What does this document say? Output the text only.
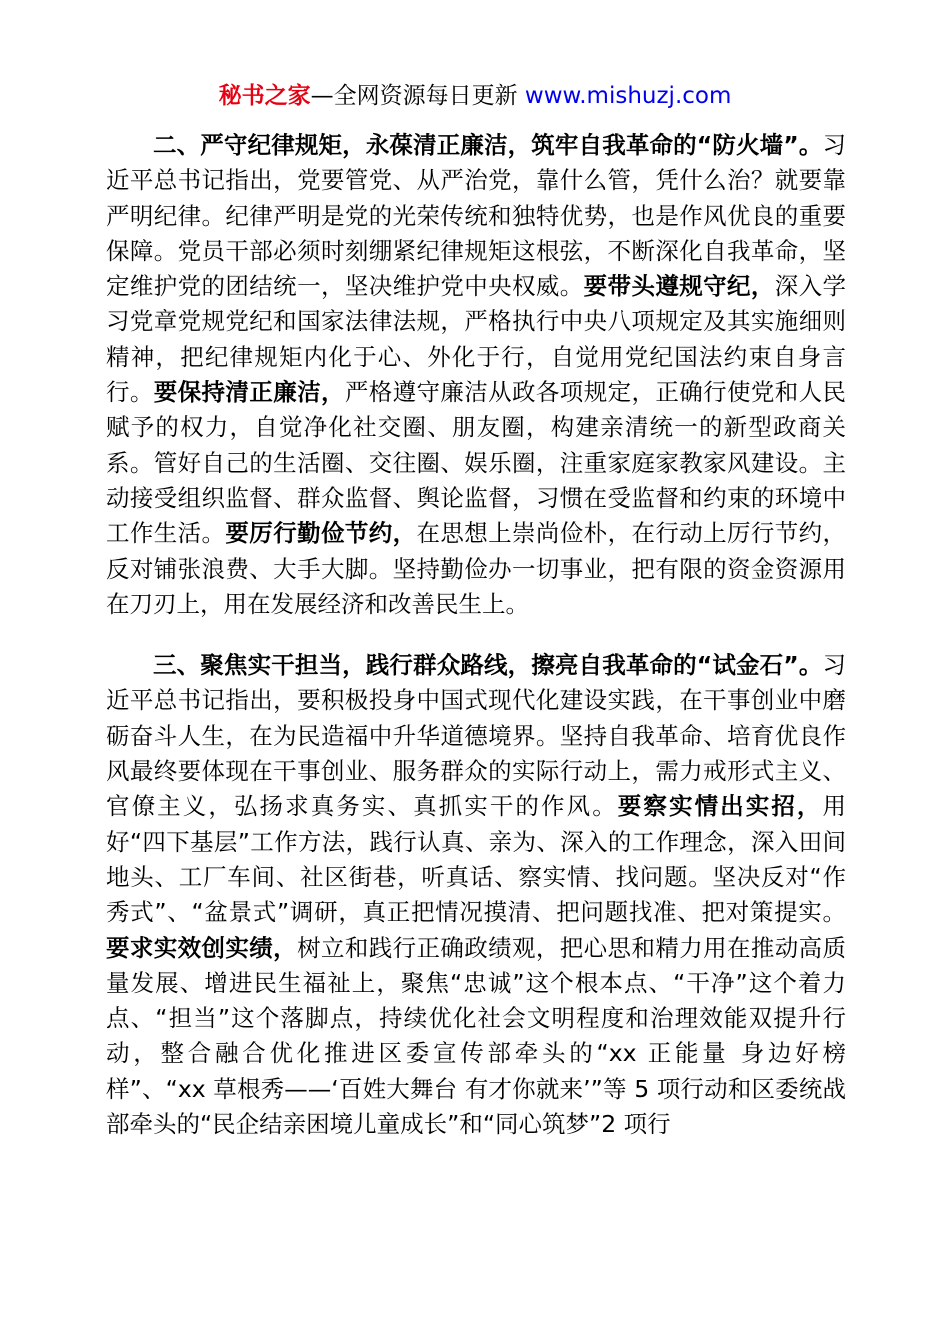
秘书之家—全网资源每日更新 www.mishuzj.com

二、严守纪律规矩，永葆清正廉洁，筑牢自我革命的“防火墙”。习近平总书记指出，党要管党、从严治党，靠什么管，凭什么治？就要靠严明纪律。纪律严明是党的光荣传统和独特优势，也是作风优良的重要保障。党员干部必须时刻绷紧纪律规矩这根弦，不断深化自我革命，坚定维护党的团结统一，坚决维护党中央权威。要带头遵规守纪，深入学习党章党规党纪和国家法律法规，严格执行中央八项规定及其实施细则精神，把纪律规矩内化于心、外化于行，自觉用党纪国法约束自身言行。要保持清正廉洁，严格遵守廉洁从政各项规定，正确行使党和人民赋予的权力，自觉净化社交圈、朋友圈，构建亲清统一的新型政商关系。管好自己的生活圈、交往圈、娱乐圈，注重家庭家教家风建设。主动接受组织监督、群众监督、舆论监督，习惯在受监督和约束的环境中工作生活。要厉行勤俭节约，在思想上崇尚俭朴，在行动上厉行节约，反对铺张浪费、大手大脚。坚持勤俭办一切事业，把有限的资金资源用在刀刃上，用在发展经济和改善民生上。

三、聚焦实干担当，践行群众路线，擦亮自我革命的“试金石”。习近平总书记指出，要积极投身中国式现代化建设实践，在干事创业中磨砺奋斗人生，在为民造福中升华道德境界。坚持自我革命、培育优良作风最终要体现在干事创业、服务群众的实际行动上，需力戒形式主义、官僚主义，弘扬求真务实、真抓实干的作风。要察实情出实招，用好“四下基层”工作方法，践行认真、亲为、深入的工作理念，深入田间地头、工厂车间、社区街巷，听真话、察实情、找问题。坚决反对“作秀式”、“盆景式”调研，真正把情况摸清、把问题找准、把对策提实。要求实效创实绩，树立和践行正确政绩观，把心思和精力用在推动高质量发展、增进民生福祉上，聚焦“忠诚”这个根本点、“干净”这个着力点、“担当”这个落脚点，持续优化社会文明程度和治理效能双提升行动，整合融合优化推进区委宣传部牵头的“xx 正能量 身边好榜样”、“xx 草根秀——‘百姓大舞台 有才你就来’”等 5 项行动和区委统战部牵头的“民企结亲困境儿童成长”和“同心筑梦”2 项行
